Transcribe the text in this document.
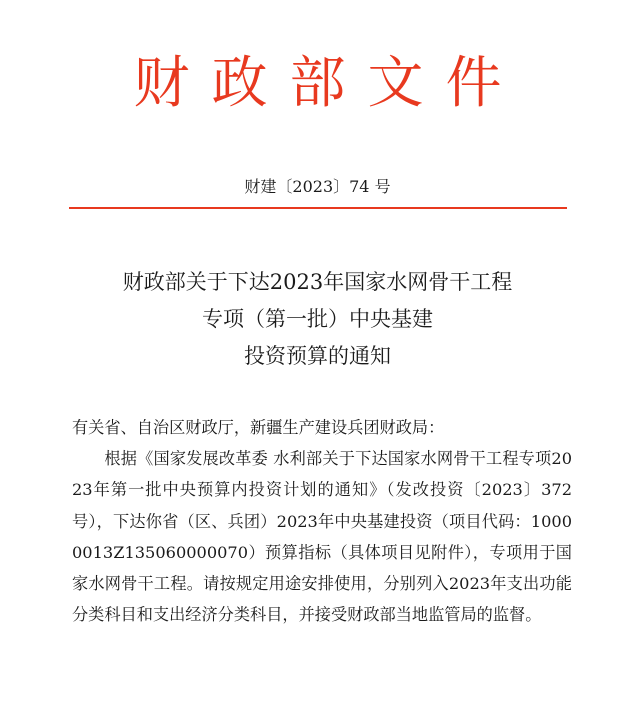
财政部文件
财建〔2023〕74 号
财政部关于下达2023年国家水网骨干工程
专项（第一批）中央基建
投资预算的通知

有关省、自治区财政厅，新疆生产建设兵团财政局：

根据《国家发展改革委 水利部关于下达国家水网骨干工程专项2023年第一批中央预算内投资计划的通知》（发改投资〔2023〕372号），下达你省（区、兵团）2023年中央基建投资（项目代码：10000013Z135060000070）预算指标（具体项目见附件），专项用于国家水网骨干工程。请按规定用途安排使用，分别列入2023年支出功能分类科目和支出经济分类科目，并接受财政部当地监管局的监督。
